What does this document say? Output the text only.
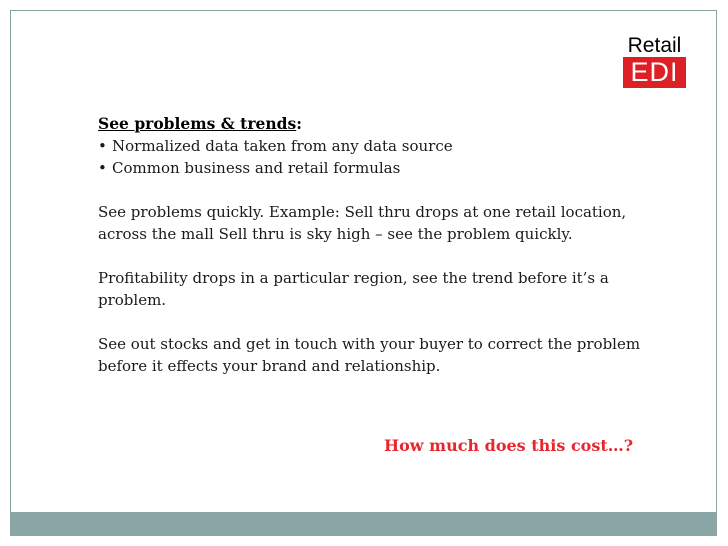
Retail
EDI
See problems & trends:
• Normalized data taken from any data source
• Common business and retail formulas

See problems quickly. Example: Sell thru drops at one retail location, across the mall Sell thru is sky high – see the problem quickly.

Profitability drops in a particular region, see the trend before it’s a problem.

See out stocks and get in touch with your buyer to correct the problem before it effects your brand and relationship.

How much does this cost…?
